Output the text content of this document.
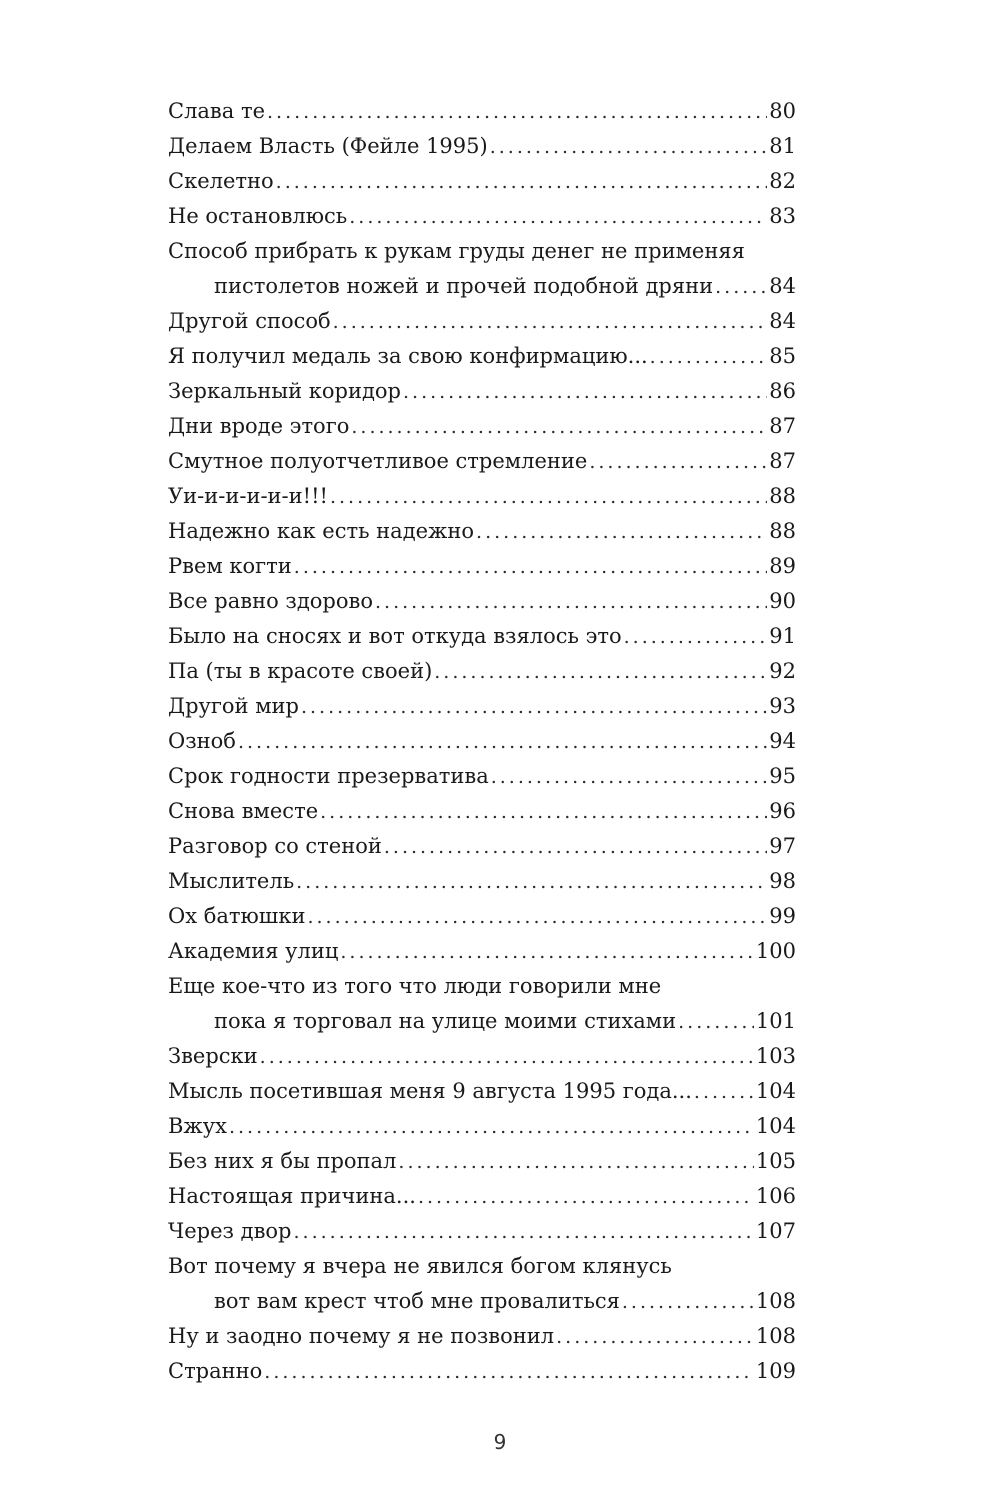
Слава те .....	80
Делаем Власть (Фейле 1995) .....	81
Скелетно .....	82
Не остановлюсь .....	83
Способ прибрать к рукам груды денег не применяя
пистолетов ножей и прочей подобной дряни .....	84
Другой способ .....	84
Я получил медаль за свою конфирмацию... .....	85
Зеркальный коридор .....	86
Дни вроде этого .....	87
Смутное полуотчетливое стремление .....	87
Уи-и-и-и-и-и!!! .....	88
Надежно как есть надежно .....	88
Рвем когти .....	89
Все равно здорово .....	90
Было на сносях и вот откуда взялось это .....	91
Па (ты в красоте своей) .....	92
Другой мир .....	93
Озноб .....	94
Срок годности презерватива .....	95
Снова вместе .....	96
Разговор со стеной .....	97
Мыслитель .....	98
Ох батюшки .....	99
Академия улиц .....	100
Еще кое-что из того что люди говорили мне
пока я торговал на улице моими стихами .....	101
Зверски .....	103
Мысль посетившая меня 9 августа 1995 года... .....	104
Вжух .....	104
Без них я бы пропал .....	105
Настоящая причина... .....	106
Через двор .....	107
Вот почему я вчера не явился богом клянусь
вот вам крест чтоб мне провалиться .....	108
Ну и заодно почему я не позвонил .....	108
Странно .....	109
9
